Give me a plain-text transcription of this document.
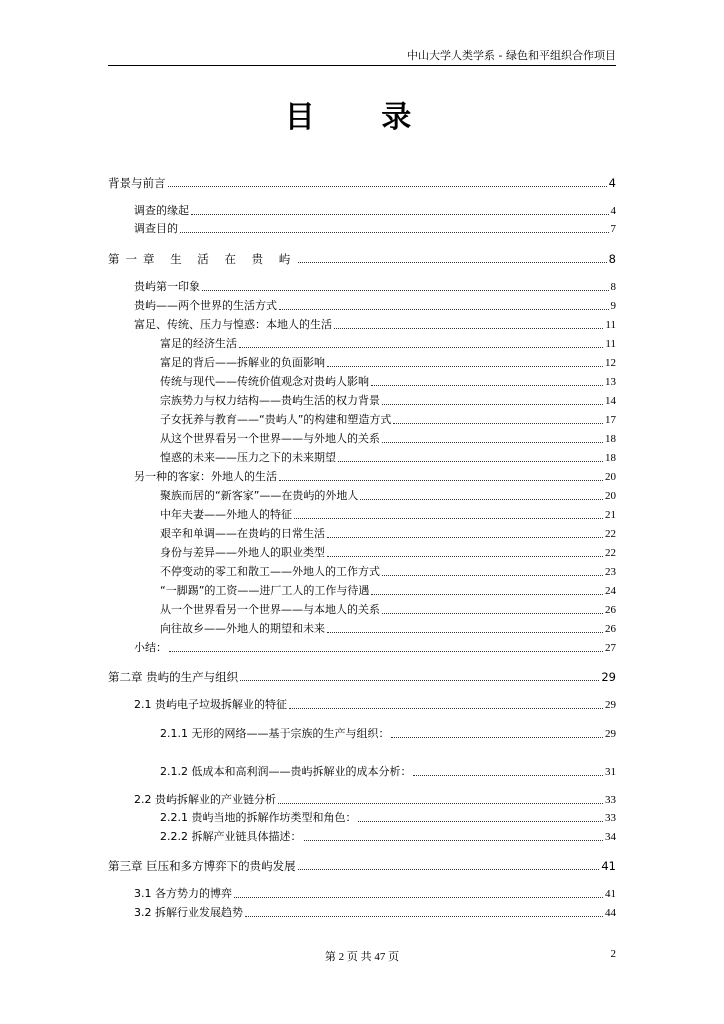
中山大学人类学系 - 绿色和平组织合作项目
目 录
背景与前言	4
调查的缘起	4
调查目的	7
第一章 生 活 在 贵 屿	8
贵屿第一印象	8
贵屿——两个世界的生活方式	9
富足、传统、压力与惶惑：本地人的生活	11
富足的经济生活	11
富足的背后——拆解业的负面影响	12
传统与现代——传统价值观念对贵屿人影响	13
宗族势力与权力结构——贵屿生活的权力背景	14
子女抚养与教育——“贵屿人”的构建和塑造方式	17
从这个世界看另一个世界——与外地人的关系	18
惶惑的未来——压力之下的未来期望	18
另一种的客家：外地人的生活	20
聚族而居的“新客家”——在贵屿的外地人	20
中年夫妻——外地人的特征	21
艰辛和单调——在贵屿的日常生活	22
身份与差异——外地人的职业类型	22
不停变动的零工和散工——外地人的工作方式	23
“一脚踢”的工资——进厂工人的工作与待遇	24
从一个世界看另一个世界——与本地人的关系	26
向往故乡——外地人的期望和未来	26
小结：	27
第二章 贵屿的生产与组织	29
2.1 贵屿电子垃圾拆解业的特征	29
2.1.1 无形的网络——基于宗族的生产与组织：	29
2.1.2 低成本和高利润——贵屿拆解业的成本分析：	31
2.2 贵屿拆解业的产业链分析	33
2.2.1 贵屿当地的拆解作坊类型和角色：	33
2.2.2 拆解产业链具体描述：	34
第三章 巨压和多方博弈下的贵屿发展	41
3.1 各方势力的博弈	41
3.2 拆解行业发展趋势	44
第 2 页 共 47 页	2
